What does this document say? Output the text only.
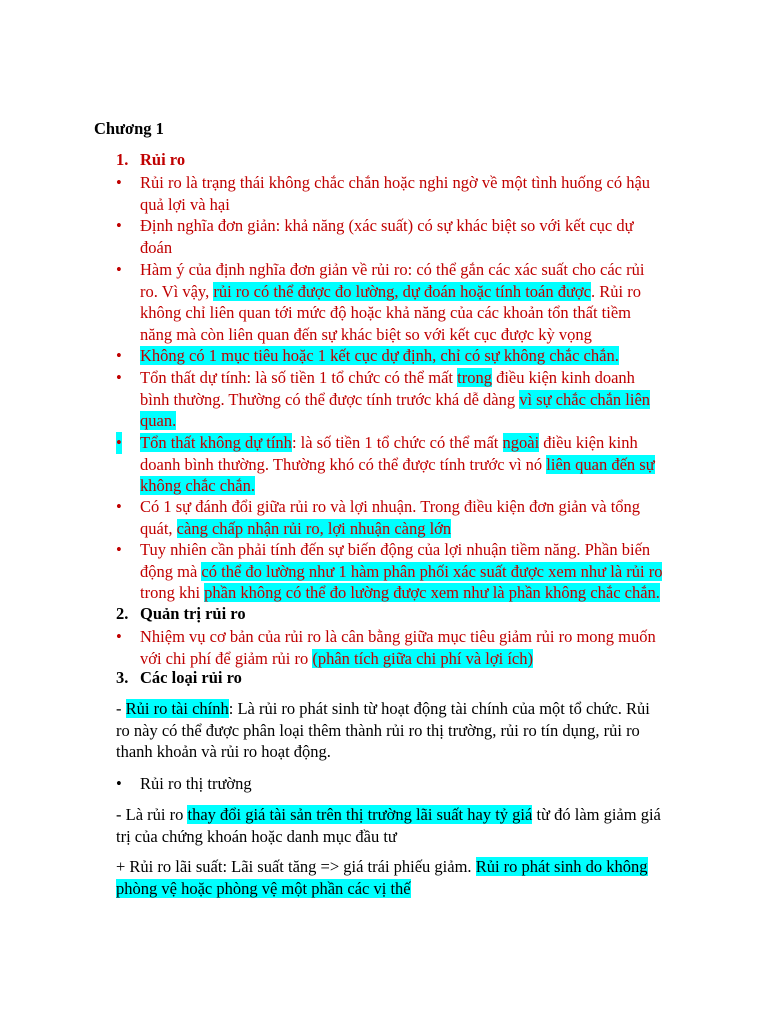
Chương 1
1. Rủi ro
•	Rủi ro là trạng thái không chắc chắn hoặc nghi ngờ về một tình huống có hậu
quả lợi và hại
•	Định nghĩa đơn giản: khả năng (xác suất) có sự khác biệt so với kết cục dự
đoán
•	Hàm ý của định nghĩa đơn giản về rủi ro: có thể gắn các xác suất cho các rủi
ro. Vì vậy, rủi ro có thể được đo lường, dự đoán hoặc tính toán được. Rủi ro
không chỉ liên quan tới mức độ hoặc khả năng của các khoản tổn thất tiềm
năng mà còn liên quan đến sự khác biệt so với kết cục được kỳ vọng
•	Không có 1 mục tiêu hoặc 1 kết cục dự định, chỉ có sự không chắc chắn.
•	Tổn thất dự tính: là số tiền 1 tổ chức có thể mất trong điều kiện kinh doanh
bình thường. Thường có thể được tính trước khá dễ dàng vì sự chắc chắn liên
quan.
• Tổn thất không dự tính: là số tiền 1 tổ chức có thể mất ngoài điều kiện kinh
doanh bình thường. Thường khó có thể được tính trước vì nó liên quan đến sự
không chắc chắn.
•	Có 1 sự đánh đổi giữa rủi ro và lợi nhuận. Trong điều kiện đơn giản và tổng
quát, càng chấp nhận rủi ro, lợi nhuận càng lớn
•	Tuy nhiên cần phải tính đến sự biến động của lợi nhuận tiềm năng. Phần biến
động mà có thể đo lường như 1 hàm phân phối xác suất được xem như là rủi ro
trong khi phần không có thể đo lường được xem như là phần không chắc chắn.
2. Quản trị rủi ro
•	Nhiệm vụ cơ bản của rủi ro là cân bằng giữa mục tiêu giảm rủi ro mong muốn
với chi phí để giảm rủi ro (phân tích giữa chi phí và lợi ích)
3. Các loại rủi ro
- Rủi ro tài chính: Là rủi ro phát sinh từ hoạt động tài chính của một tổ chức. Rủi
ro này có thể được phân loại thêm thành rủi ro thị trường, rủi ro tín dụng, rủi ro
thanh khoản và rủi ro hoạt động.
•	Rủi ro thị trường
- Là rủi ro thay đổi giá tài sản trên thị trường lãi suất hay tỷ giá từ đó làm giảm giá
trị của chứng khoán hoặc danh mục đầu tư
+ Rủi ro lãi suất: Lãi suất tăng => giá trái phiếu giảm. Rủi ro phát sinh do không
phòng vệ hoặc phòng vệ một phần các vị thế
